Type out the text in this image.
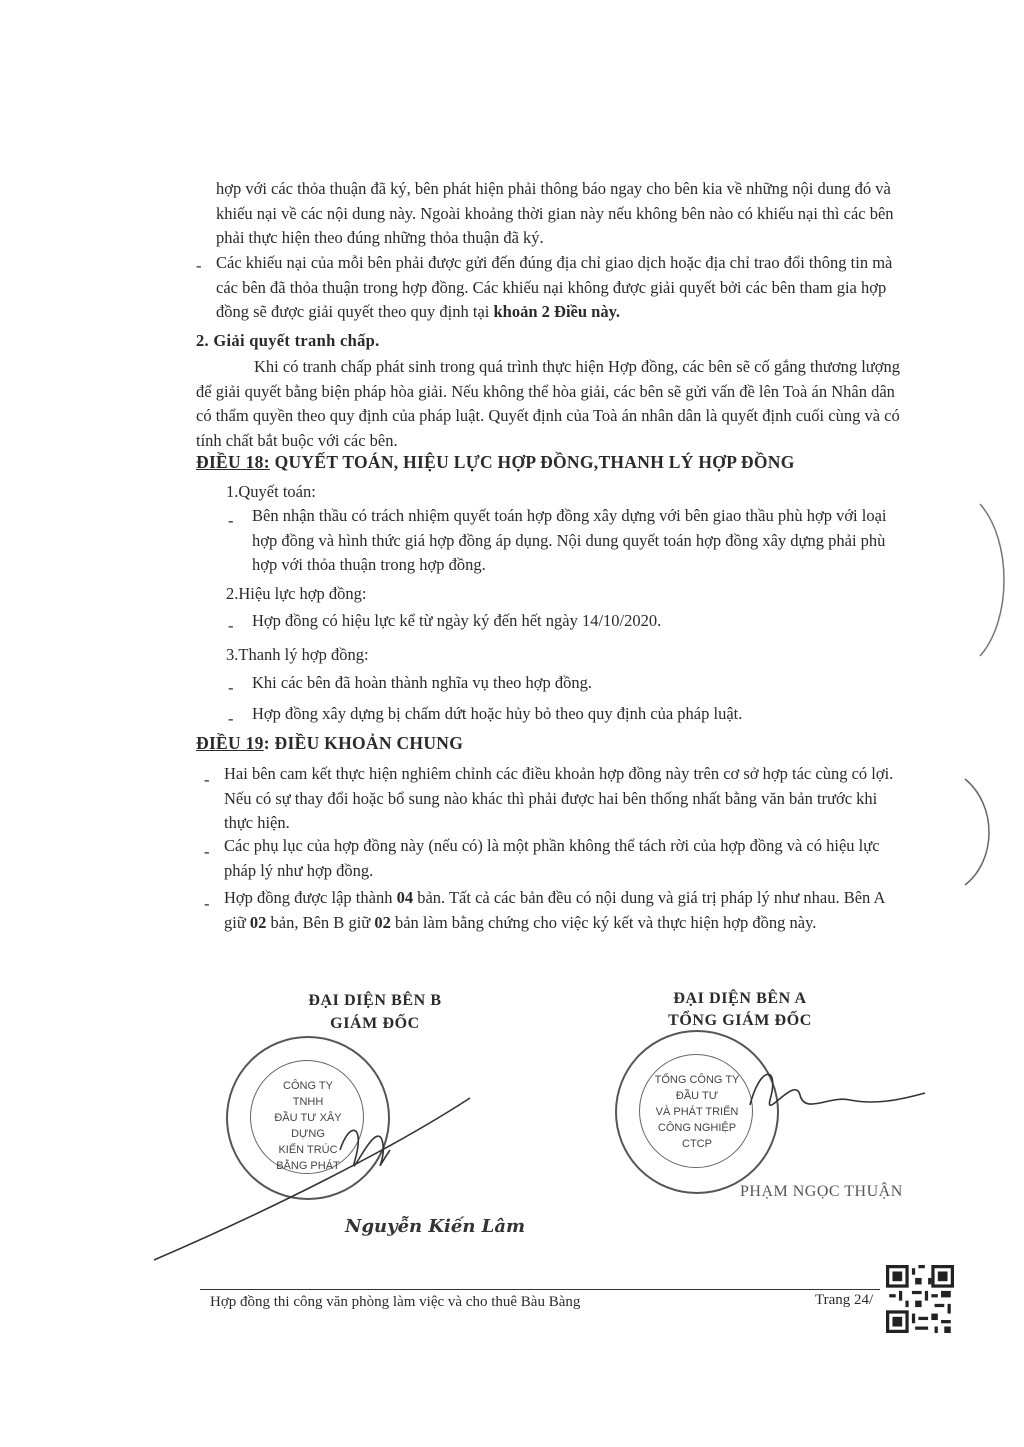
hợp với các thỏa thuận đã ký, bên phát hiện phải thông báo ngay cho bên kia về những nội dung đó và khiếu nại về các nội dung này. Ngoài khoảng thời gian này nếu không bên nào có khiếu nại thì các bên phải thực hiện theo đúng những thỏa thuận đã ký.
- Các khiếu nại của mỗi bên phải được gửi đến đúng địa chỉ giao dịch hoặc địa chỉ trao đổi thông tin mà các bên đã thỏa thuận trong hợp đồng. Các khiếu nại không được giải quyết bởi các bên tham gia hợp đồng sẽ được giải quyết theo quy định tại khoản 2 Điều này.
2. Giải quyết tranh chấp.
Khi có tranh chấp phát sinh trong quá trình thực hiện Hợp đồng, các bên sẽ cố gắng thương lượng để giải quyết bằng biện pháp hòa giải. Nếu không thể hòa giải, các bên sẽ gửi vấn đề lên Toà án Nhân dân có thẩm quyền theo quy định của pháp luật. Quyết định của Toà án nhân dân là quyết định cuối cùng và có tính chất bắt buộc với các bên.
ĐIỀU 18: QUYẾT TOÁN, HIỆU LỰC HỢP ĐỒNG,THANH LÝ HỢP ĐỒNG
1.Quyết toán:
- Bên nhận thầu có trách nhiệm quyết toán hợp đồng xây dựng với bên giao thầu phù hợp với loại hợp đồng và hình thức giá hợp đồng áp dụng. Nội dung quyết toán hợp đồng xây dựng phải phù hợp với thỏa thuận trong hợp đồng.
2.Hiệu lực hợp đồng:
- Hợp đồng có hiệu lực kể từ ngày ký đến hết ngày 14/10/2020.
3.Thanh lý hợp đồng:
- Khi các bên đã hoàn thành nghĩa vụ theo hợp đồng.
- Hợp đồng xây dựng bị chấm dứt hoặc hủy bỏ theo quy định của pháp luật.
ĐIỀU 19: ĐIỀU KHOẢN CHUNG
- Hai bên cam kết thực hiện nghiêm chỉnh các điều khoản hợp đồng này trên cơ sở hợp tác cùng có lợi. Nếu có sự thay đổi hoặc bổ sung nào khác thì phải được hai bên thống nhất bằng văn bản trước khi thực hiện.
- Các phụ lục của hợp đồng này (nếu có) là một phần không thể tách rời của hợp đồng và có hiệu lực pháp lý như hợp đồng.
- Hợp đồng được lập thành 04 bản. Tất cả các bản đều có nội dung và giá trị pháp lý như nhau. Bên A giữ 02 bản, Bên B giữ 02 bản làm bằng chứng cho việc ký kết và thực hiện hợp đồng này.
ĐẠI DIỆN BÊN B
GIÁM ĐỐC
CÔNG TY
TNHH
ĐẦU TƯ XÂY DỰNG
KIẾN TRÚC
BẰNG PHÁT
Nguyễn Kiến Lâm
ĐẠI DIỆN BÊN A
TỔNG GIÁM ĐỐC
TỔNG CÔNG TY
ĐẦU TƯ
VÀ PHÁT TRIỂN
CÔNG NGHIỆP
CTCP
PHẠM NGỌC THUẬN
Hợp đồng thi công văn phòng làm việc và cho thuê Bàu Bàng	Trang 24/
